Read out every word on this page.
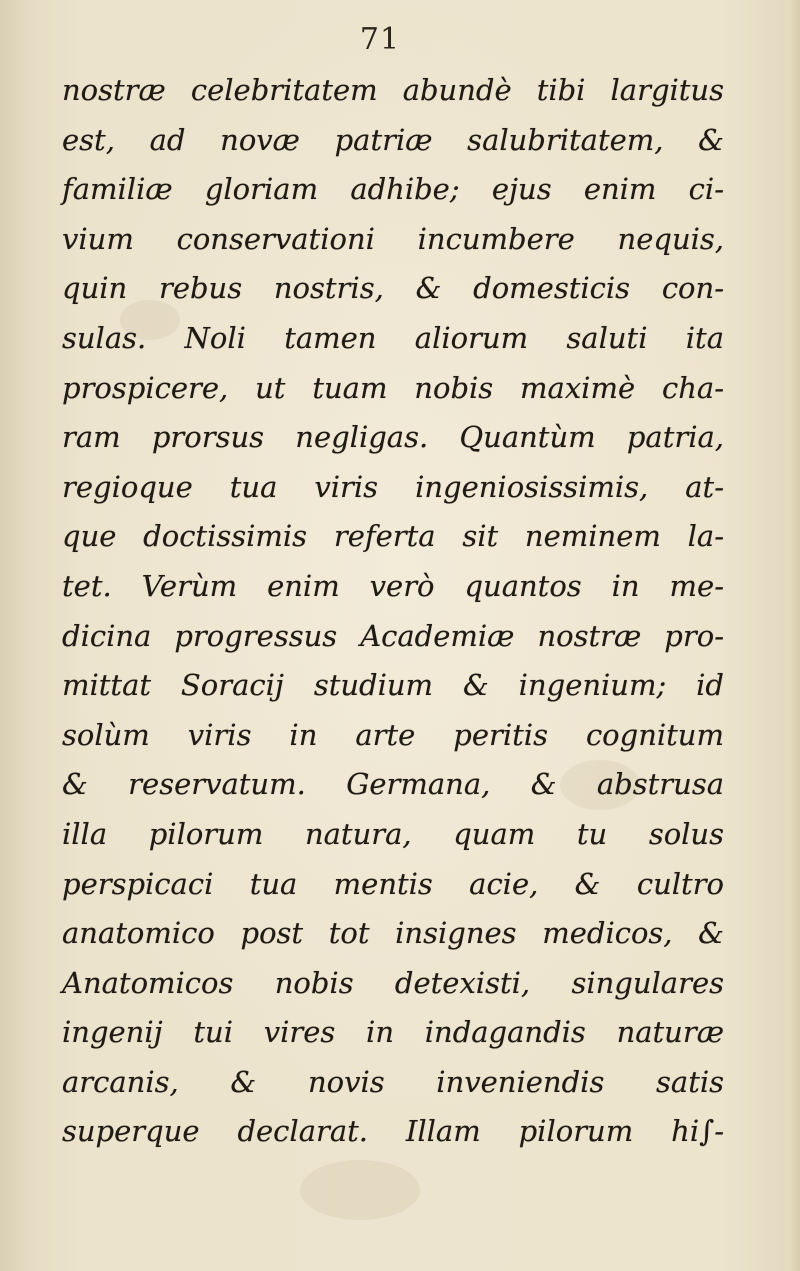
71
nostræ celebritatem abundè tibi largitus
est, ad novæ patriæ salubritatem, &
familiæ gloriam adhibe; ejus enim ci-
vium conservationi incumbere nequis,
quin rebus nostris, & domesticis con-
sulas. Noli tamen aliorum saluti ita
prospicere, ut tuam nobis maximè cha-
ram prorsus negligas. Quantùm patria,
regioque tua viris ingeniosissimis, at-
que doctissimis referta sit neminem la-
tet. Verùm enim verò quantos in me-
dicina progressus Academiæ nostræ pro-
mittat Soracij studium & ingenium; id
solùm viris in arte peritis cognitum
& reservatum. Germana, & abstrusa
illa pilorum natura, quam tu solus
perspicaci tua mentis acie, & cultro
anatomico post tot insignes medicos, &
Anatomicos nobis detexisti, singulares
ingenij tui vires in indagandis naturæ
arcanis, & novis inveniendis satis
superque declarat. Illam pilorum hi∫-
